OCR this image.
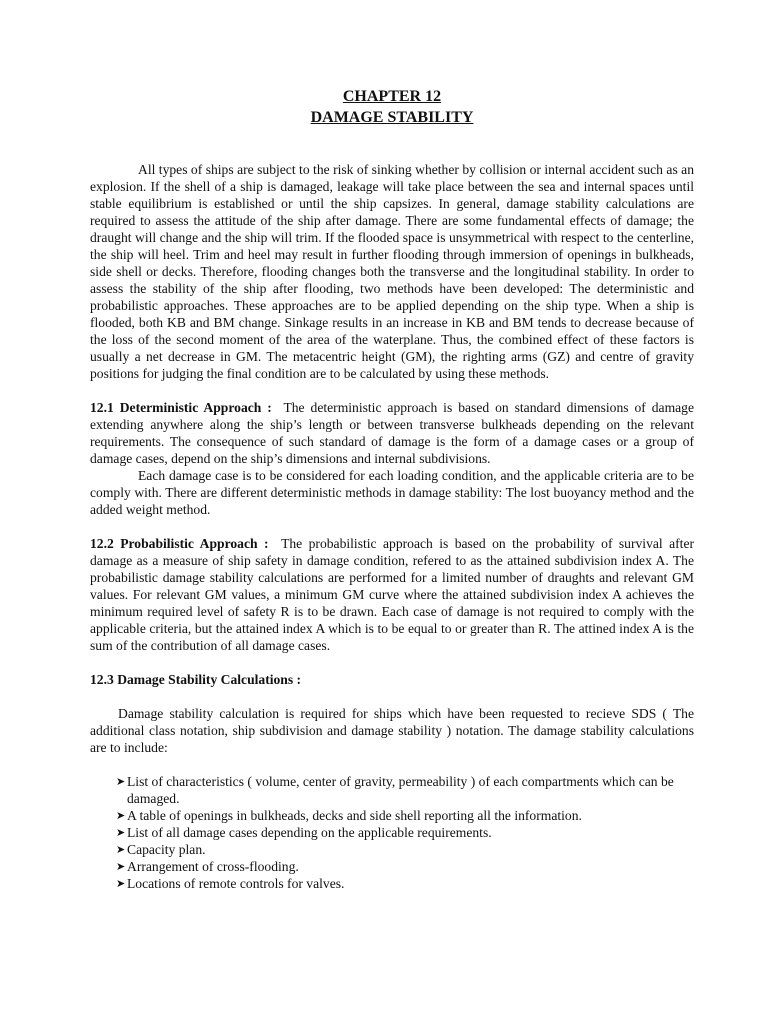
CHAPTER 12

DAMAGE STABILITY

All types of ships are subject to the risk of sinking whether by collision or internal accident such as an explosion. If the shell of a ship is damaged, leakage will take place between the sea and internal spaces until stable equilibrium is established or until the ship capsizes. In general, damage stability calculations are required to assess the attitude of the ship after damage. There are some fundamental effects of damage; the draught will change and the ship will trim. If the flooded space is unsymmetrical with respect to the centerline, the ship will heel. Trim and heel may result in further flooding through immersion of openings in bulkheads, side shell or decks. Therefore, flooding changes both the transverse and the longitudinal stability. In order to assess the stability of the ship after flooding, two methods have been developed: The deterministic and probabilistic approaches. These approaches are to be applied depending on the ship type. When a ship is flooded, both KB and BM change. Sinkage results in an increase in KB and BM tends to decrease because of the loss of the second moment of the area of the waterplane. Thus, the combined effect of these factors is usually a net decrease in GM. The metacentric height (GM), the righting arms (GZ) and centre of gravity positions for judging the final condition are to be calculated by using these methods.

12.1 Deterministic Approach : The deterministic approach is based on standard dimensions of damage extending anywhere along the ship’s length or between transverse bulkheads depending on the relevant requirements. The consequence of such standard of damage is the form of a damage cases or a group of damage cases, depend on the ship’s dimensions and internal subdivisions.

Each damage case is to be considered for each loading condition, and the applicable criteria are to be comply with. There are different deterministic methods in damage stability: The lost buoyancy method and the added weight method.

12.2 Probabilistic Approach : The probabilistic approach is based on the probability of survival after damage as a measure of ship safety in damage condition, refered to as the attained subdivision index A. The probabilistic damage stability calculations are performed for a limited number of draughts and relevant GM values. For relevant GM values, a minimum GM curve where the attained subdivision index A achieves the minimum required level of safety R is to be drawn. Each case of damage is not required to comply with the applicable criteria, but the attained index A which is to be equal to or greater than R. The attined index A is the sum of the contribution of all damage cases.

12.3 Damage Stability Calculations :

Damage stability calculation is required for ships which have been requested to recieve SDS ( The additional class notation, ship subdivision and damage stability ) notation. The damage stability calculations are to include:

➤ List of characteristics ( volume, center of gravity, permeability ) of each compartments which can be damaged.
➤ A table of openings in bulkheads, decks and side shell reporting all the information.
➤ List of all damage cases depending on the applicable requirements.
➤ Capacity plan.
➤ Arrangement of cross-flooding.
➤ Locations of remote controls for valves.
